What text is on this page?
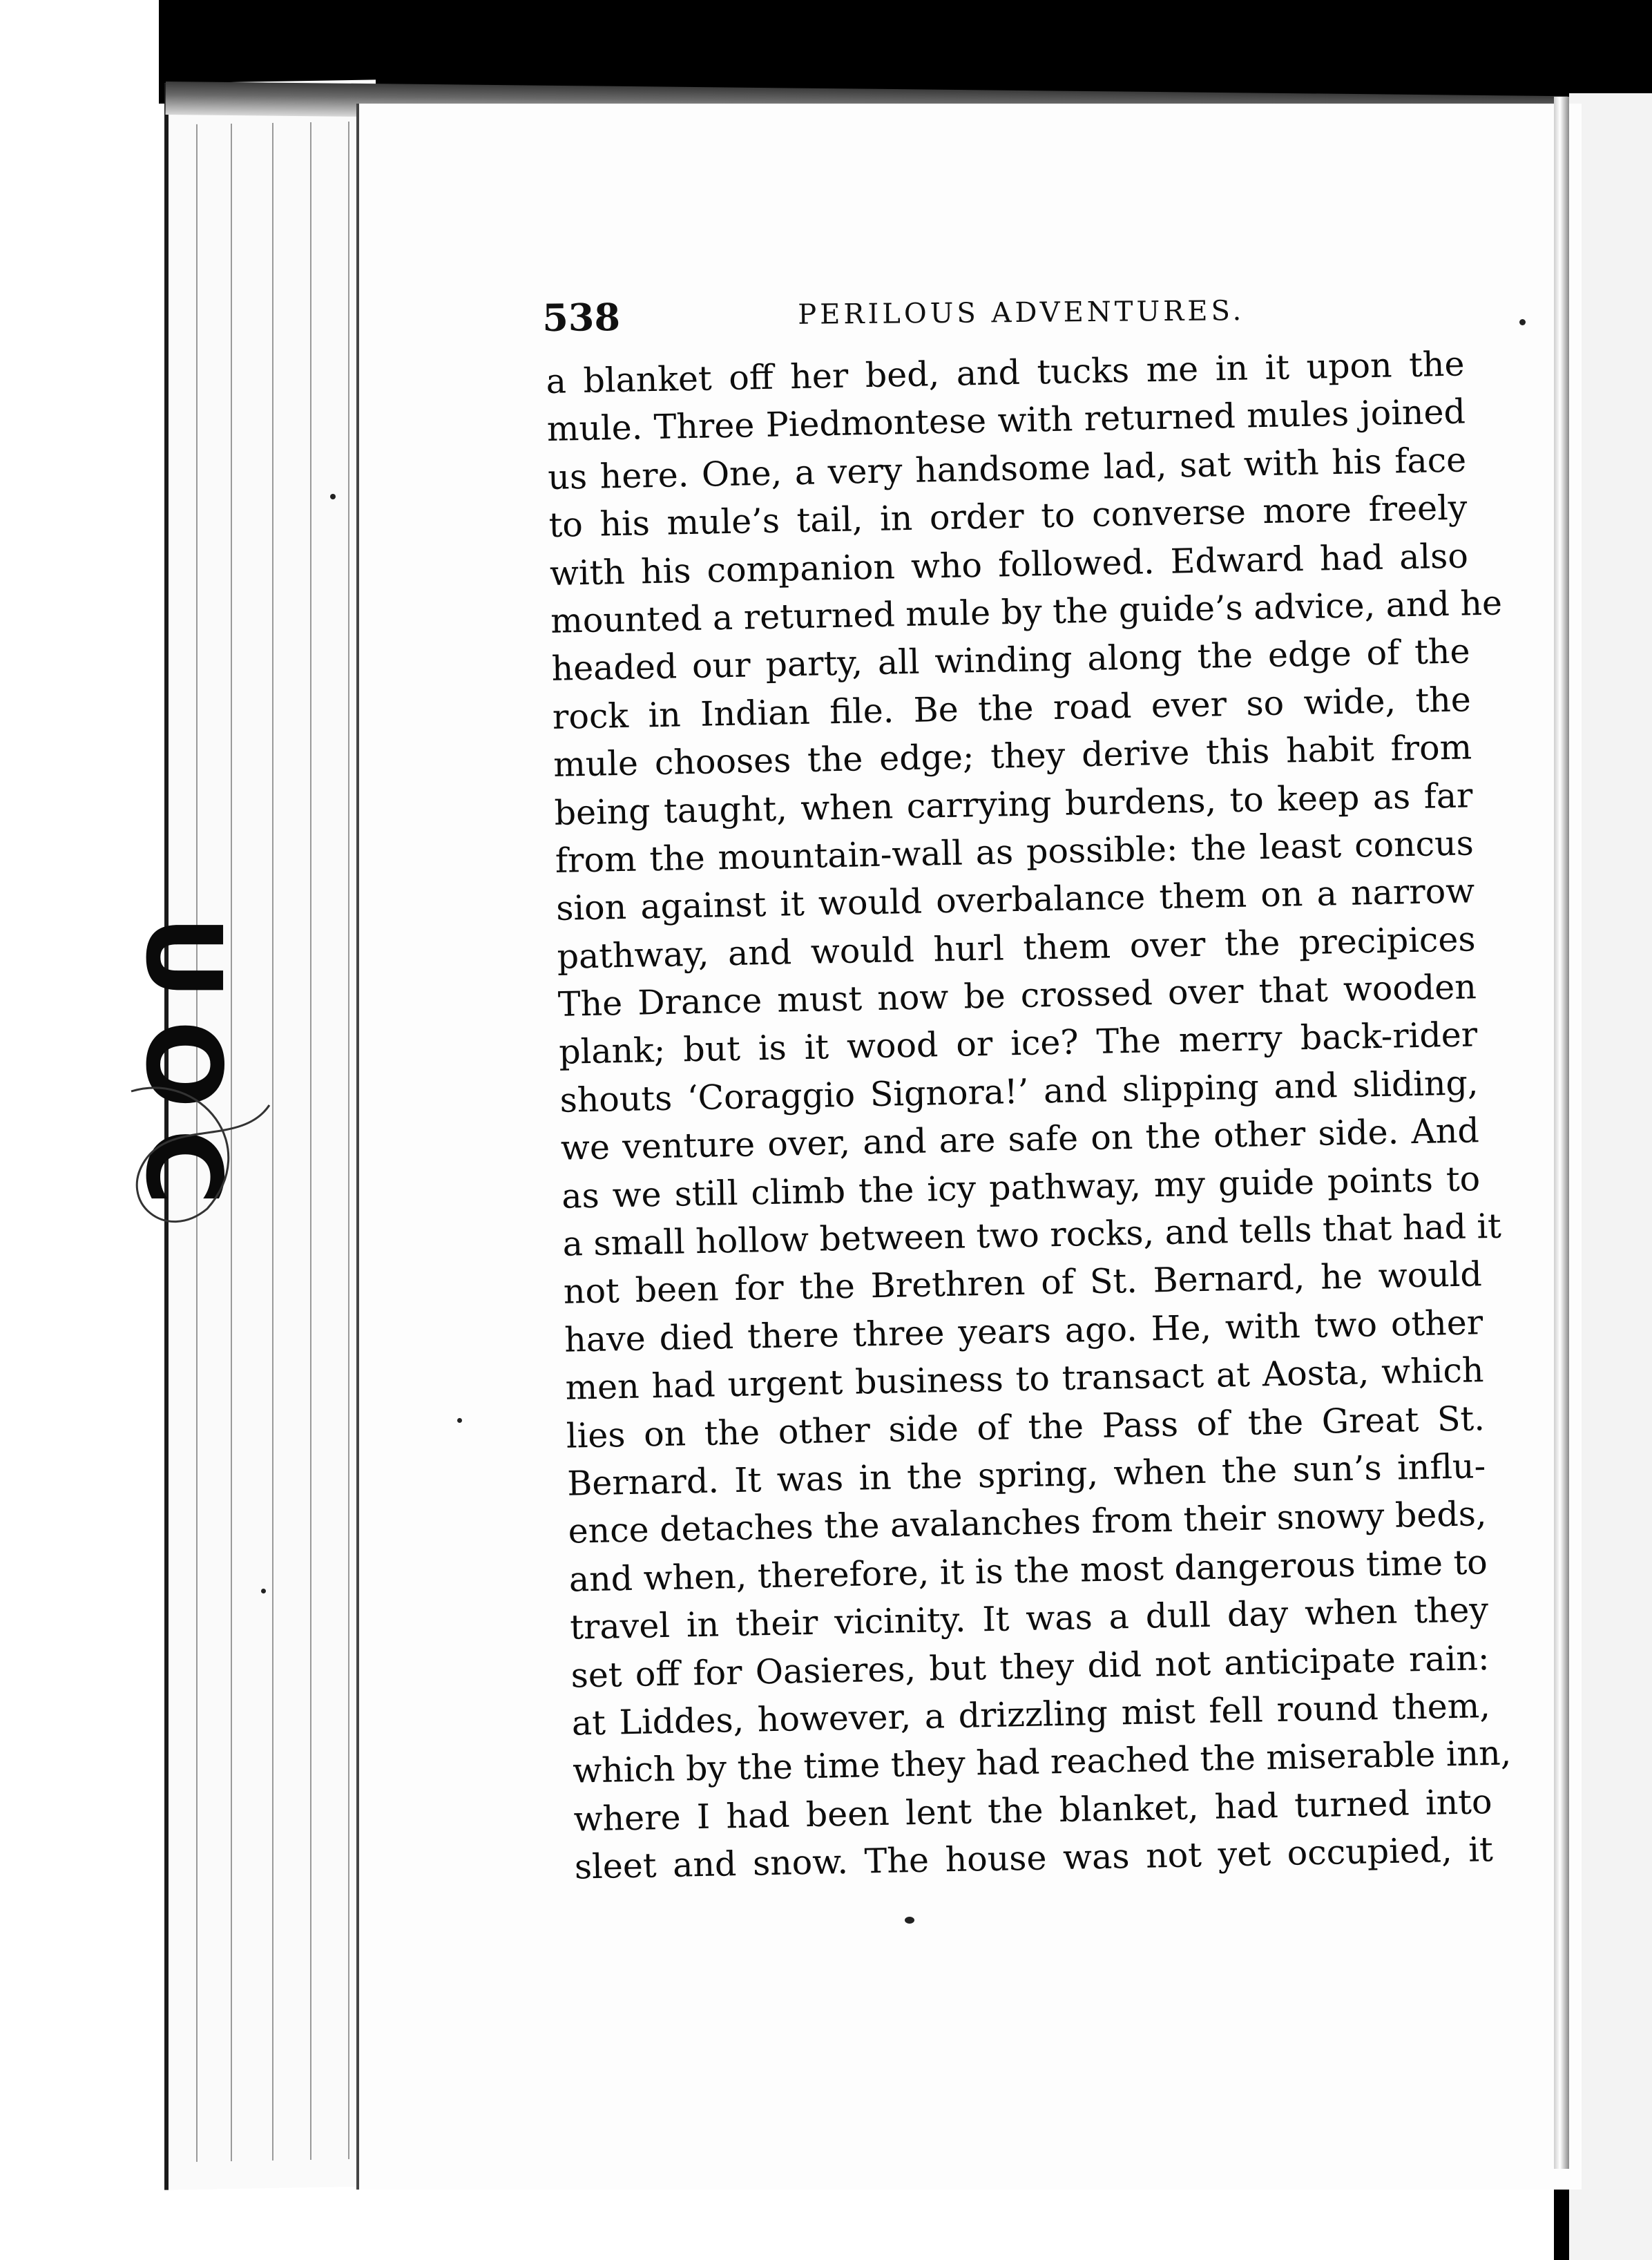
UOC
538	PERILOUS ADVENTURES.
a blanket off her bed, and tucks me in it upon the
mule. Three Piedmontese with returned mules joined
us here. One, a very handsome lad, sat with his face
to his mule’s tail, in order to converse more freely
with his companion who followed. Edward had also
mounted a returned mule by the guide’s advice, and he
headed our party, all winding along the edge of the
rock in Indian file. Be the road ever so wide, the
mule chooses the edge; they derive this habit from
being taught, when carrying burdens, to keep as far
from the mountain-wall as possible: the least concus
sion against it would overbalance them on a narrow
pathway, and would hurl them over the precipices
The Drance must now be crossed over that wooden
plank; but is it wood or ice? The merry back-rider
shouts ‘Coraggio Signora!’ and slipping and sliding,
we venture over, and are safe on the other side. And
as we still climb the icy pathway, my guide points to
a small hollow between two rocks, and tells that had it
not been for the Brethren of St. Bernard, he would
have died there three years ago. He, with two other
men had urgent business to transact at Aosta, which
lies on the other side of the Pass of the Great St.
Bernard. It was in the spring, when the sun’s influ-
ence detaches the avalanches from their snowy beds,
and when, therefore, it is the most dangerous time to
travel in their vicinity. It was a dull day when they
set off for Oasieres, but they did not anticipate rain:
at Liddes, however, a drizzling mist fell round them,
which by the time they had reached the miserable inn,
where I had been lent the blanket, had turned into
sleet and snow. The house was not yet occupied, it
